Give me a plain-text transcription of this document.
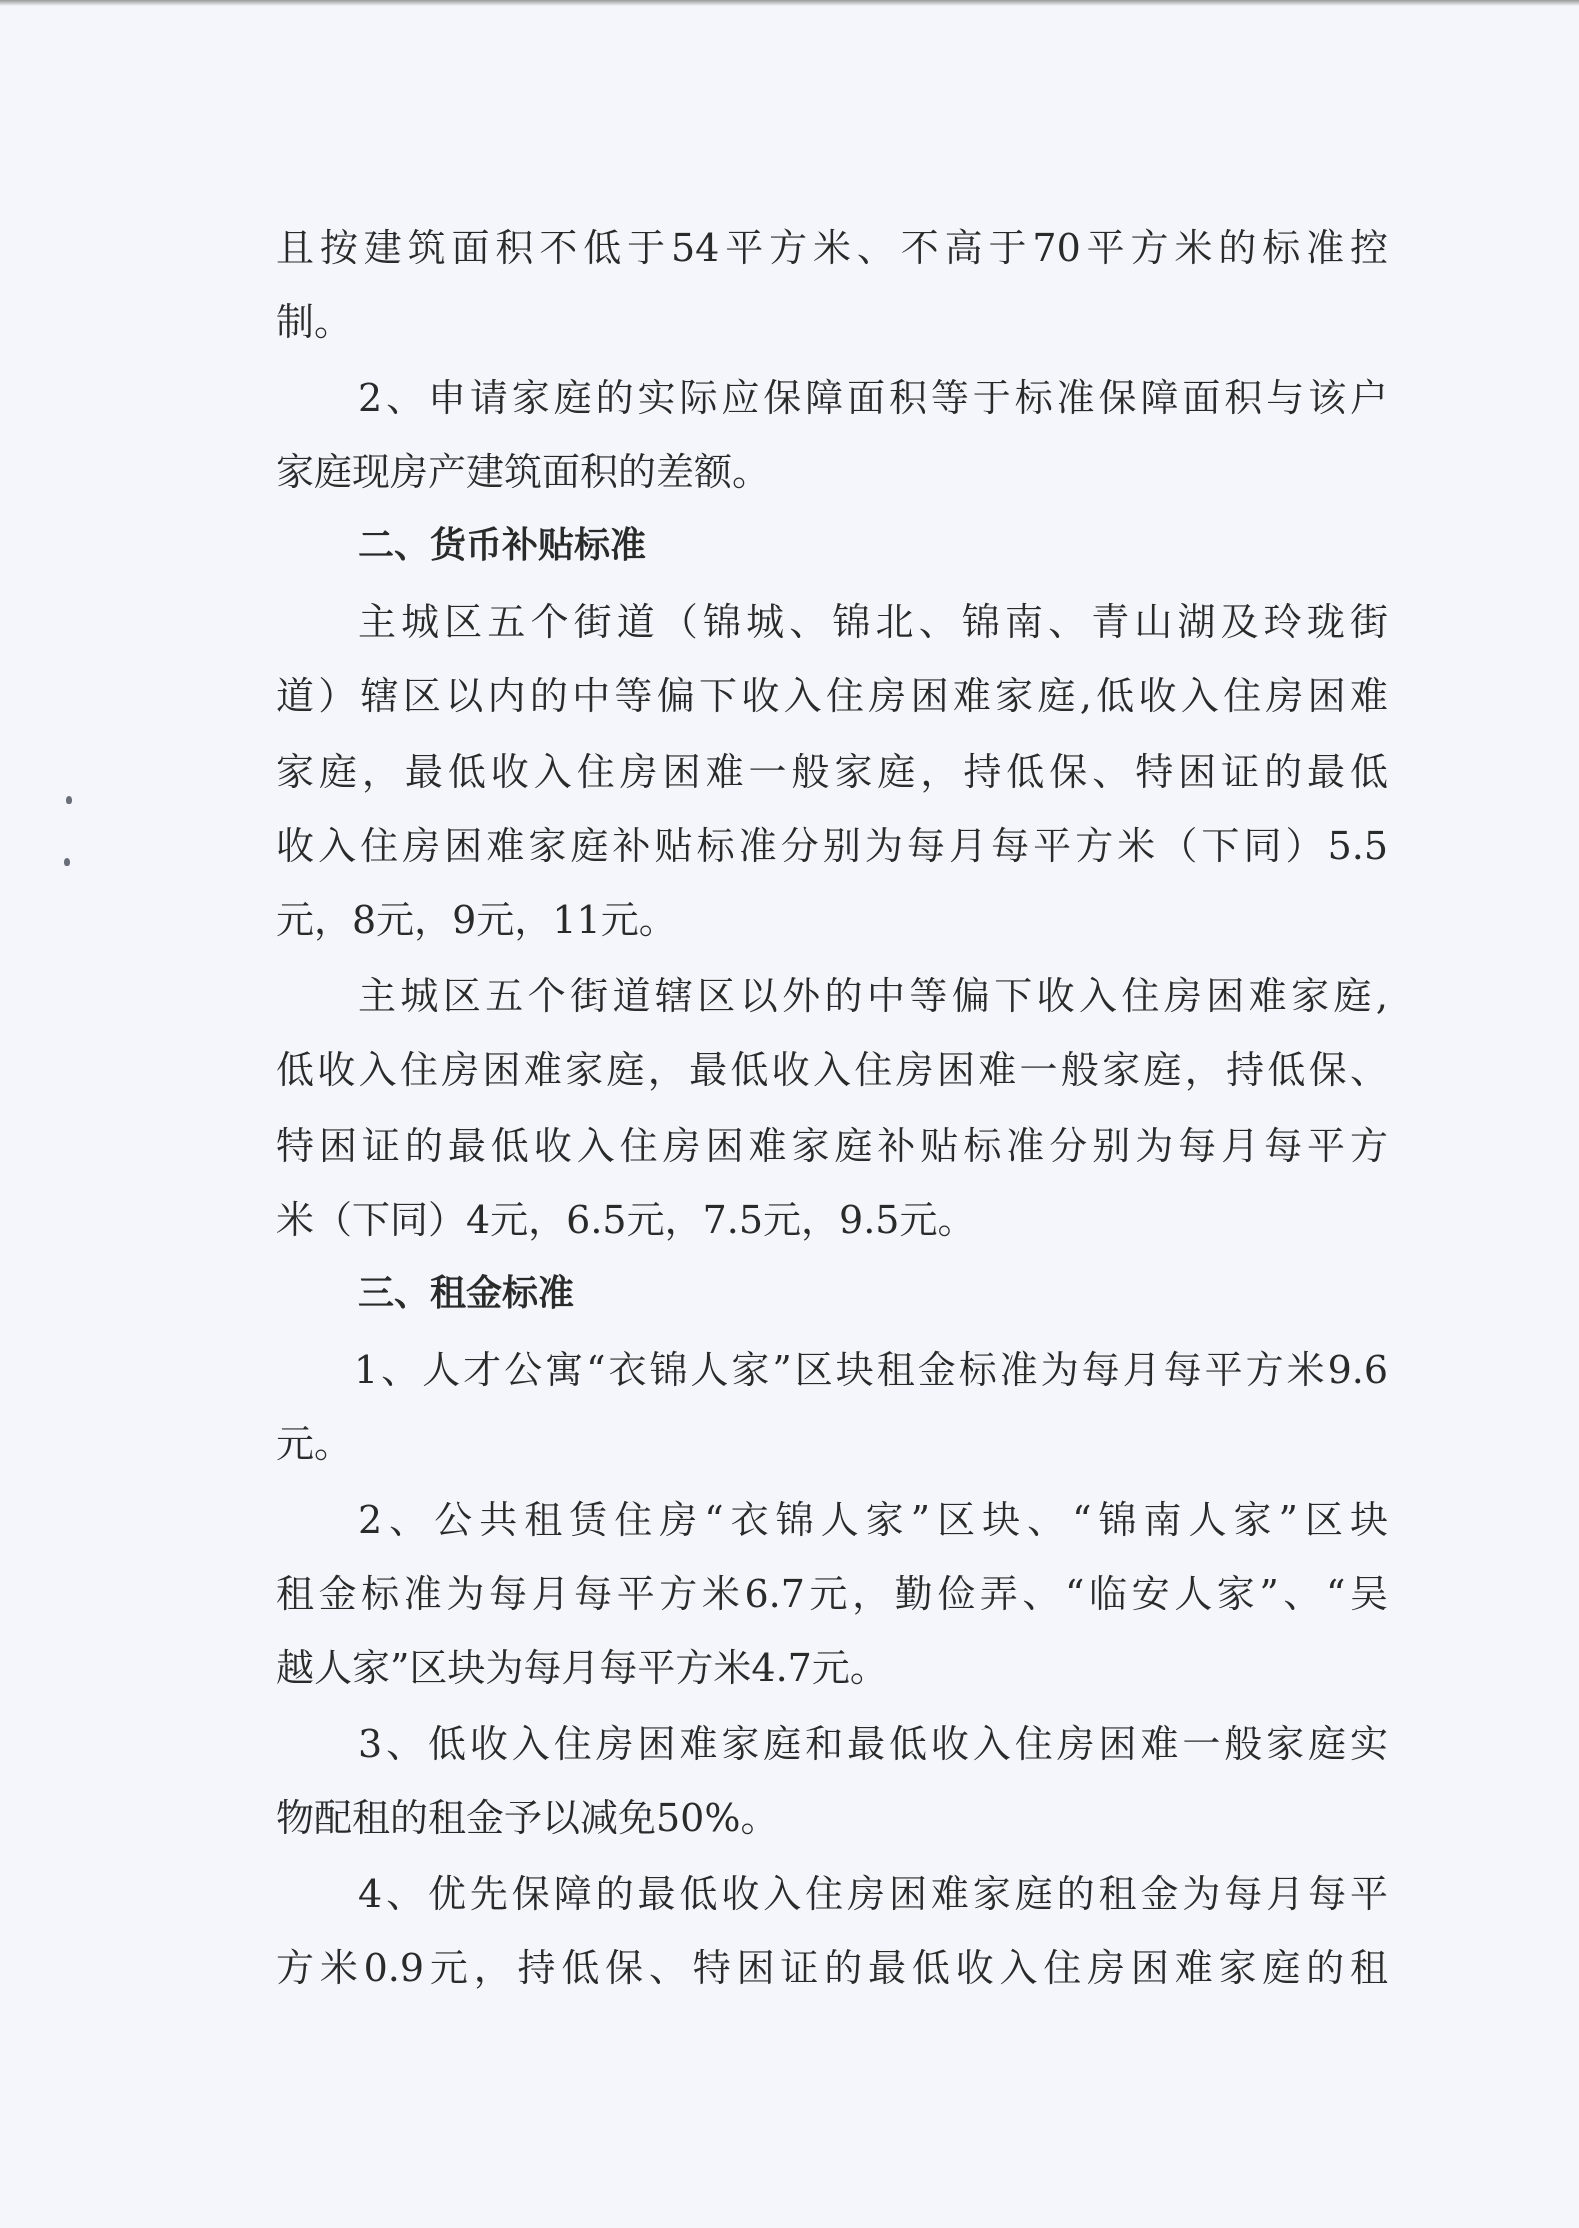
且按建筑面积不低于54平方米、不高于70平方米的标准控
制。
2、申请家庭的实际应保障面积等于标准保障面积与该户
家庭现房产建筑面积的差额。
二、货币补贴标准
主城区五个街道（锦城、锦北、锦南、青山湖及玲珑街
道）辖区以内的中等偏下收入住房困难家庭,低收入住房困难
家庭，最低收入住房困难一般家庭，持低保、特困证的最低
收入住房困难家庭补贴标准分别为每月每平方米（下同）5.5
元，8元，9元，11元。
主城区五个街道辖区以外的中等偏下收入住房困难家庭,
低收入住房困难家庭，最低收入住房困难一般家庭，持低保、
特困证的最低收入住房困难家庭补贴标准分别为每月每平方
米（下同）4元，6.5元，7.5元，9.5元。
三、租金标准
1、人才公寓“衣锦人家”区块租金标准为每月每平方米9.6
元。
2、公共租赁住房“衣锦人家”区块、“锦南人家”区块
租金标准为每月每平方米6.7元，勤俭弄、“临安人家”、“吴
越人家”区块为每月每平方米4.7元。
3、低收入住房困难家庭和最低收入住房困难一般家庭实
物配租的租金予以减免50%。
4、优先保障的最低收入住房困难家庭的租金为每月每平
方米0.9元，持低保、特困证的最低收入住房困难家庭的租
